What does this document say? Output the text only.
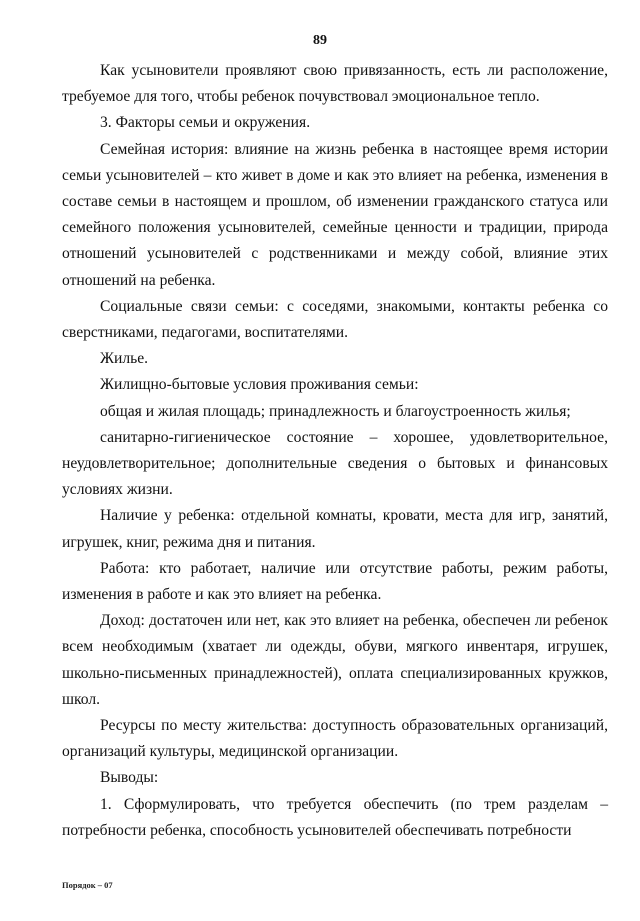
89

Как усыновители проявляют свою привязанность, есть ли расположение, требуемое для того, чтобы ребенок почувствовал эмоциональное тепло.

3. Факторы семьи и окружения.

Семейная история: влияние на жизнь ребенка в настоящее время истории семьи усыновителей – кто живет в доме и как это влияет на ребенка, изменения в составе семьи в настоящем и прошлом, об изменении гражданского статуса или семейного положения усыновителей, семейные ценности и традиции, природа отношений усыновителей с родственниками и между собой, влияние этих отношений на ребенка.

Социальные связи семьи: с соседями, знакомыми, контакты ребенка со сверстниками, педагогами, воспитателями.

Жилье.

Жилищно-бытовые условия проживания семьи:

общая и жилая площадь; принадлежность и благоустроенность жилья;

санитарно-гигиеническое состояние – хорошее, удовлетворительное, неудовлетворительное; дополнительные сведения о бытовых и финансовых условиях жизни.

Наличие у ребенка: отдельной комнаты, кровати, места для игр, занятий, игрушек, книг, режима дня и питания.

Работа: кто работает, наличие или отсутствие работы, режим работы, изменения в работе и как это влияет на ребенка.

Доход: достаточен или нет, как это влияет на ребенка, обеспечен ли ребенок всем необходимым (хватает ли одежды, обуви, мягкого инвентаря, игрушек, школьно-письменных принадлежностей), оплата специализированных кружков, школ.

Ресурсы по месту жительства: доступность образовательных организаций, организаций культуры, медицинской организации.

Выводы:

1. Сформулировать, что требуется обеспечить (по трем разделам – потребности ребенка, способность усыновителей обеспечивать потребности

Порядок – 07
